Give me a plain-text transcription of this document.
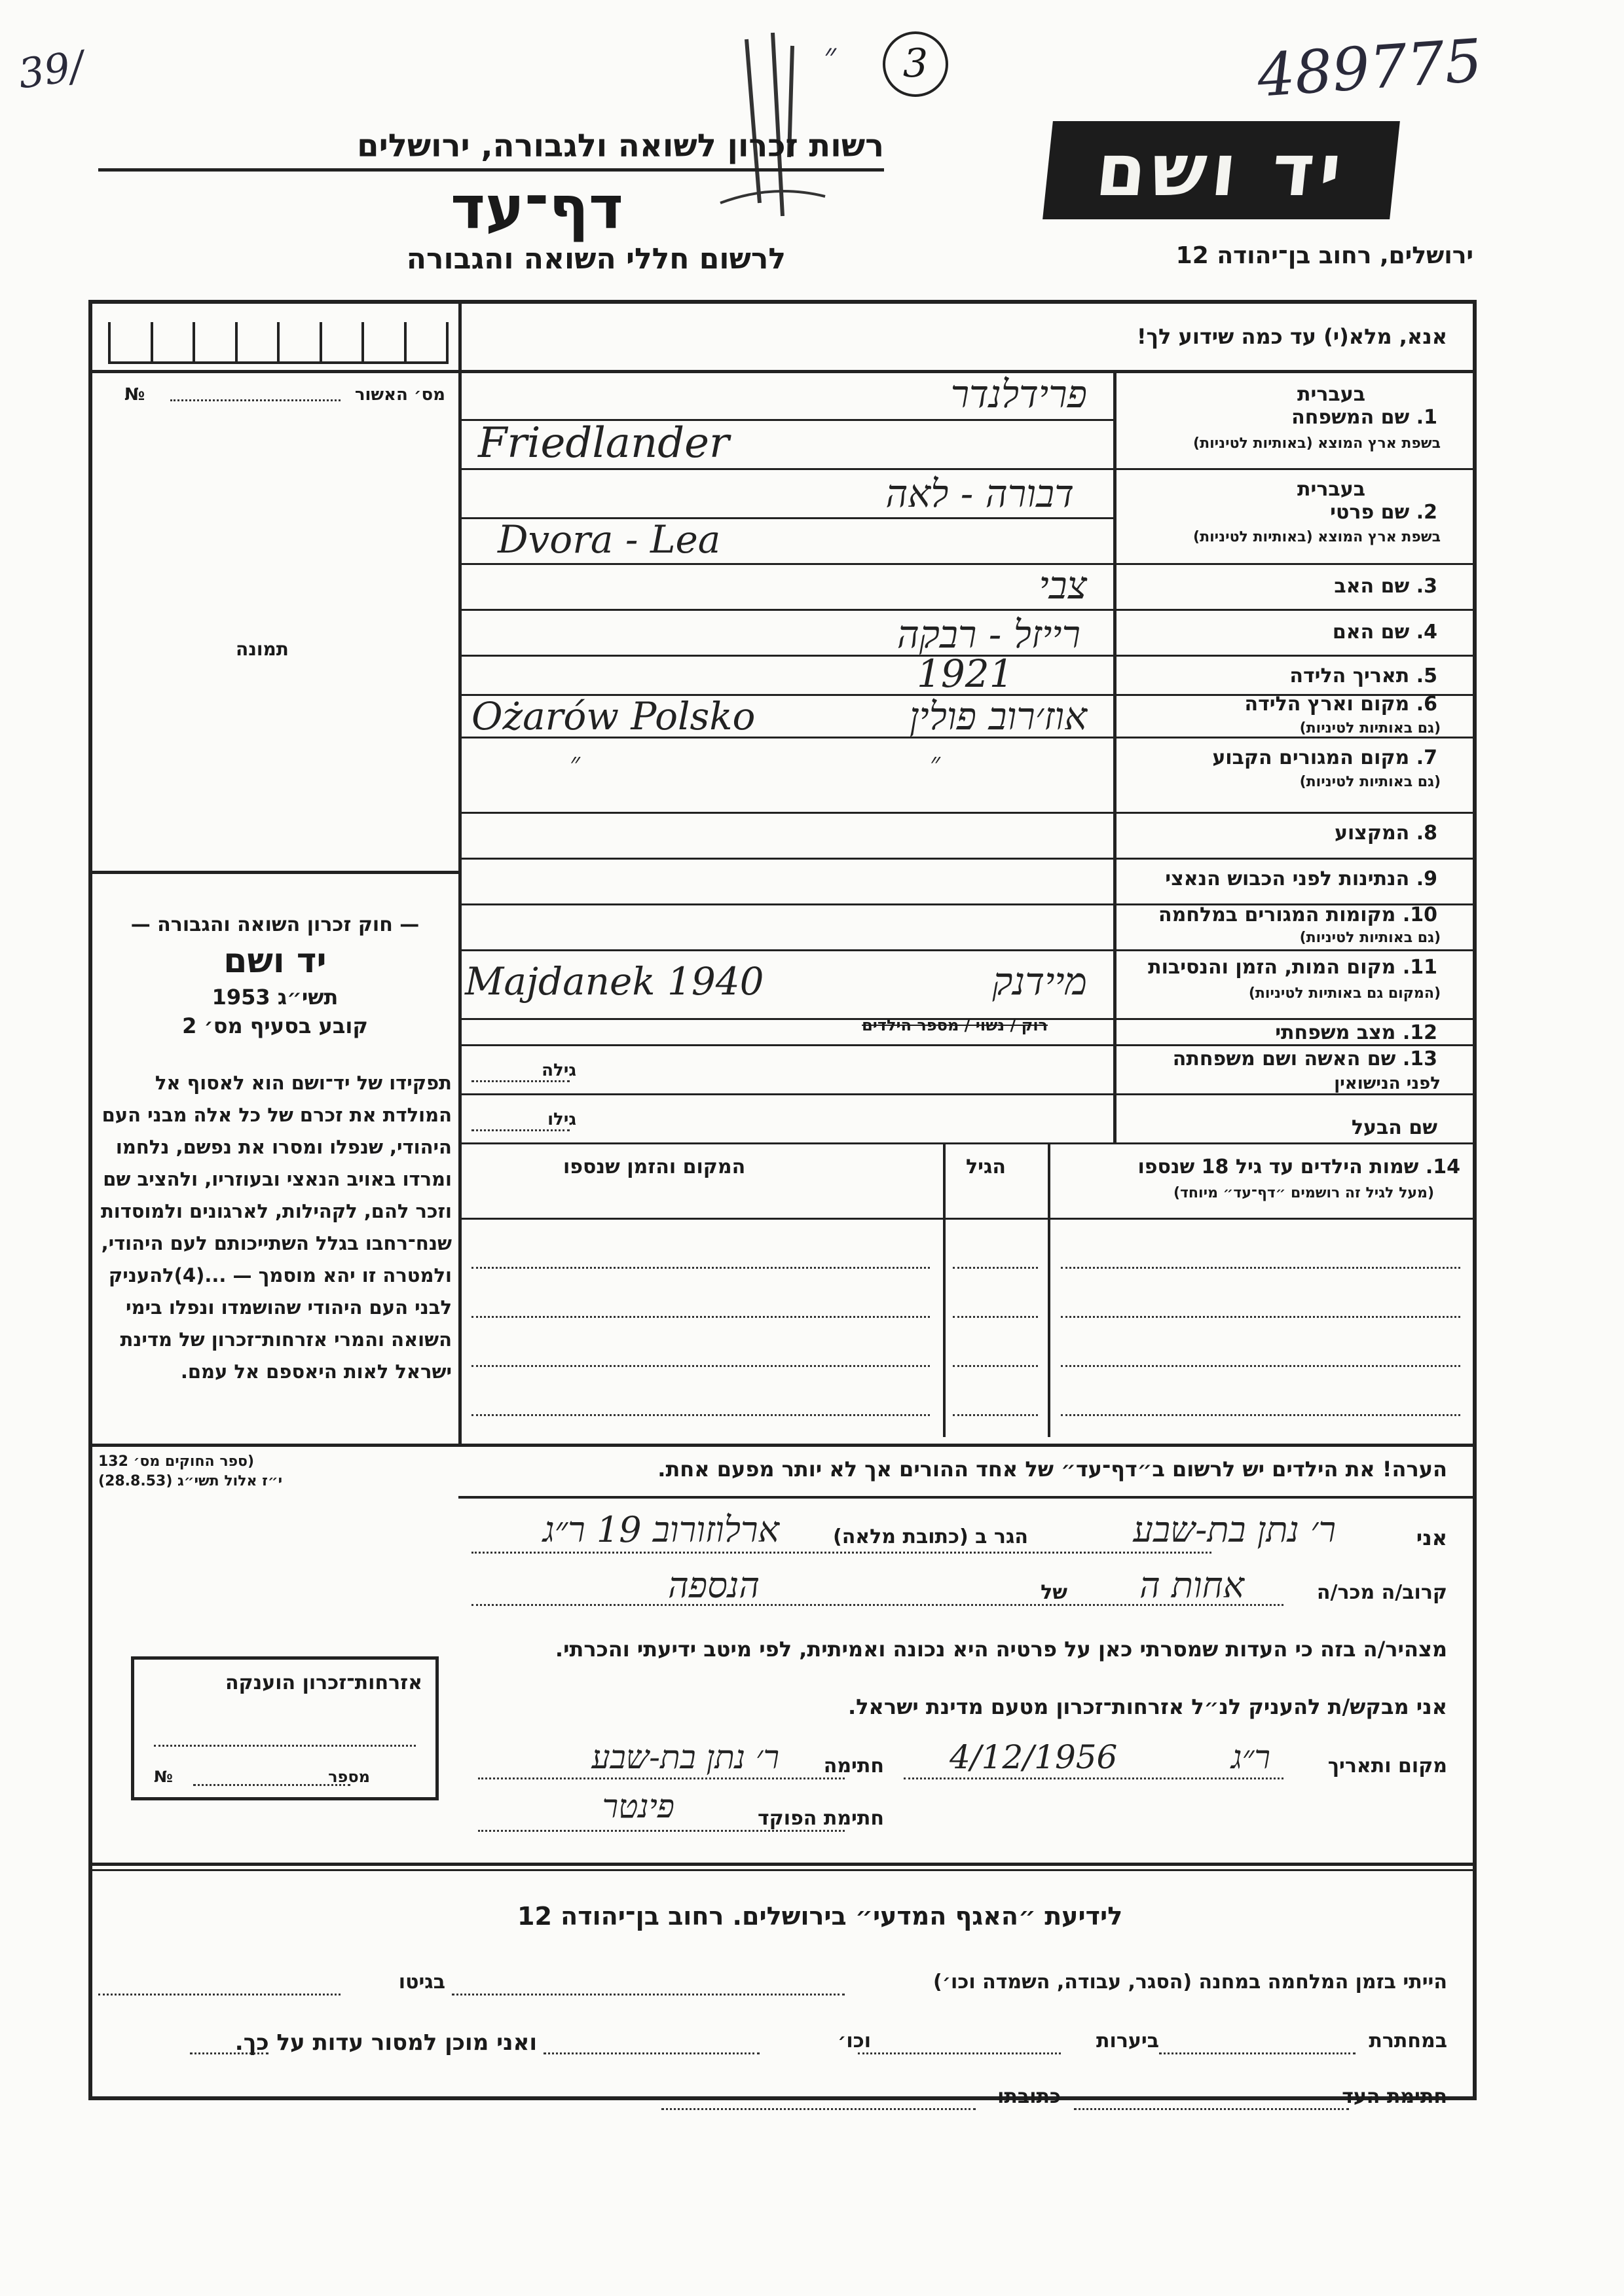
39/	״	3	489775
רשות זכרון לשואה ולגבורה, ירושלים
דף־עד
לרשום חללי השואה והגבורה
יד ושם
ירושלים, רחוב בן־יהודה 12
אנא, מלא(י) עד כמה שידוע לך!
מס׳ האשור
№
תמונה
— חוק זכרון השואה והגבורה —
יד ושם
תשי״ג 1953
קובע בסעיף מס׳ 2
תפקידו של יד־ושם הוא לאסוף אל המולדת את זכרם של כל אלה מבני העם היהודי, שנפלו ומסרו את נפשם, נלחמו ומרדו באויב הנאצי ובעוזריו, ולהציב שם וזכר להם, לקהילות, לארגונים ולמוסדות שנח־רחבו בגלל השתייכותם לעם היהודי, ולמטרה זו יהא מוסמך — ...(4)להעניק לבני העם היהודי שהושמדו ונפלו בימי השואה והמרי אזרחות־זכרון של מדינת ישראל לאות היאספם אל עמם.
(ספר החוקים מס׳ 132
י״ז אלול תשי״ג (28.8.53)
בעברית
1. שם המשפחה
בשפת ארץ המוצא (באותיות לטיניות)
פרידלנדר
Friedlander
בעברית
2. שם פרטי
בשפת ארץ המוצא (באותיות לטיניות)
דבורה - לאה
Dvora - Lea
3. שם האב
צבי
4. שם האם
רייזל - רבקה
5. תאריך הלידה
1921
6. מקום וארץ הלידה
(גם באותיות לטיניות)
Ożarów Polsko	אוז׳רוב פולין
7. מקום המגורים הקבוע
(גם באותיות לטיניות)
״	״
8. המקצוע
9. הנתינות לפני הכבוש הנאצי
10. מקומות המגורים במלחמה
(גם באותיות לטיניות)
11. מקום המות, הזמן והנסיבות
(המקום גם באותיות לטיניות)
Majdanek 1940	מיידנק
12. מצב משפחתי
רוק / נשוי / מספר הילדים
13. שם האשה ושם משפחתה
לפני הנישואין
גילה
שם הבעל
גילו
14. שמות הילדים עד גיל 18 שנספו
(מעל לגיל זה רושמים ״דף־עד״ מיוחד)
הגיל
המקום והזמן שנספו
הערה! את הילדים יש לרשום ב״דף־עד״ של אחד ההורים אך לא יותר מפעם אחת.
אני
ר׳ נתן בת-שבע
הגר ב (כתובת מלאה)
ארלוזורוב 19 ר״ג
קרוב/ה מכר/ה
אחות ה
של
הנספה
מצהיר/ה בזה כי העדות שמסרתי כאן על פרטיה היא נכונה ואמיתית, לפי מיטב ידיעתי והכרתי.
אני מבקש/ת להעניק לנ״ל אזרחות־זכרון מטעם מדינת ישראל.
מקום ותאריך
ר״ג
4/12/1956
חתימה
ר׳ נתן בת-שבע
חתימת הפוקד
פינטר
אזרחות־זכרון הוענקה
מספר
№
לידיעת ״האגף המדעי״ בירושלים. רחוב בן־יהודה 12
הייתי בזמן המלחמה במחנה (הסגר, עבודה, השמדה וכו׳)
בגיטו
במחתרת
ביערות
וכו׳
ואני מוכן למסור עדות על כך.
חתימת העד
כתובתו
